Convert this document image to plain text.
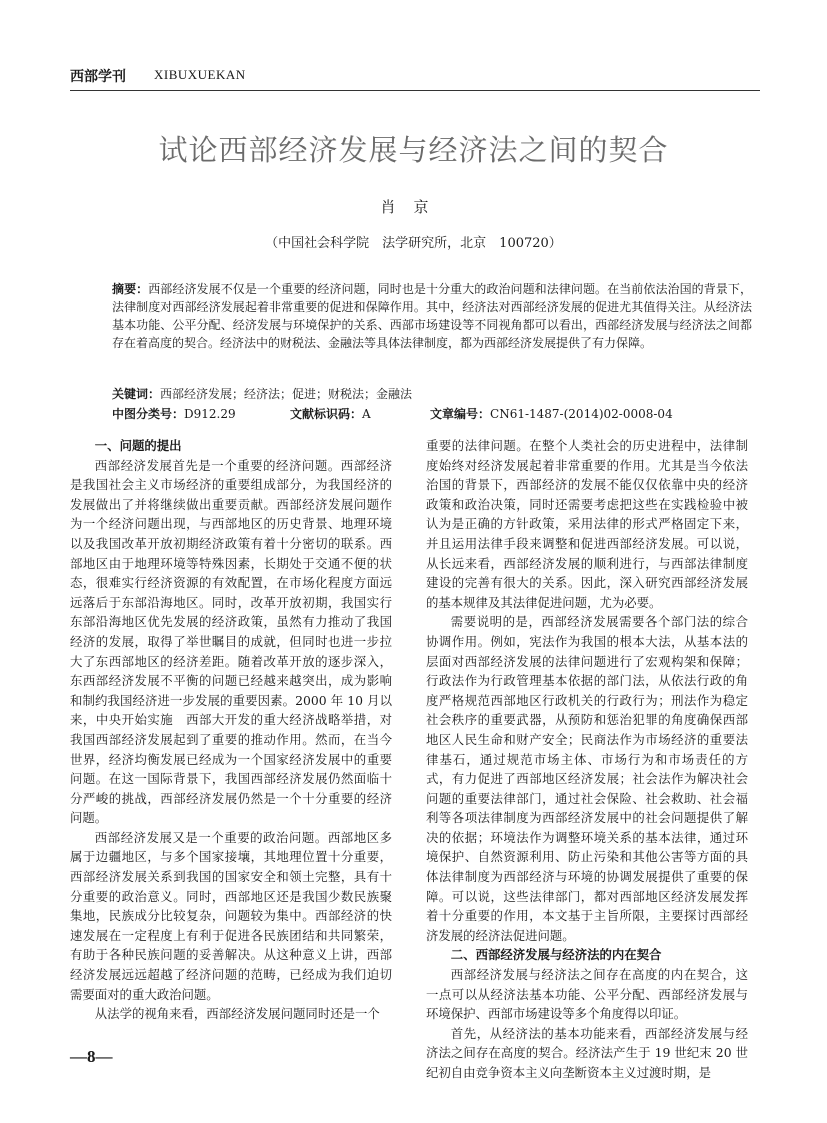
西部学刊 XIBUXUEKAN
试论西部经济发展与经济法之间的契合
肖京
（中国社会科学院　法学研究所，北京　100720）
摘要：西部经济发展不仅是一个重要的经济问题，同时也是十分重大的政治问题和法律问题。在当前依法治国的背景下，法律制度对西部经济发展起着非常重要的促进和保障作用。其中，经济法对西部经济发展的促进尤其值得关注。从经济法基本功能、公平分配、经济发展与环境保护的关系、西部市场建设等不同视角都可以看出，西部经济发展与经济法之间都存在着高度的契合。经济法中的财税法、金融法等具体法律制度，都为西部经济发展提供了有力保障。
关键词：西部经济发展；经济法；促进；财税法；金融法
中图分类号：D912.29	文献标识码：A	文章编号：CN61-1487-(2014)02-0008-04
一、问题的提出

西部经济发展首先是一个重要的经济问题。西部经济是我国社会主义市场经济的重要组成部分，为我国经济的发展做出了并将继续做出重要贡献。西部经济发展问题作为一个经济问题出现，与西部地区的历史背景、地理环境以及我国改革开放初期经济政策有着十分密切的联系。西部地区由于地理环境等特殊因素，长期处于交通不便的状态，很难实行经济资源的有效配置，在市场化程度方面远远落后于东部沿海地区。同时，改革开放初期，我国实行东部沿海地区优先发展的经济政策，虽然有力推动了我国经济的发展，取得了举世瞩目的成就，但同时也进一步拉大了东西部地区的经济差距。随着改革开放的逐步深入，东西部经济发展不平衡的问题已经越来越突出，成为影响和制约我国经济进一步发展的重要因素。2000 年 10 月以来，中央开始实施　西部大开发的重大经济战略举措，对我国西部经济发展起到了重要的推动作用。然而，在当今世界，经济均衡发展已经成为一个国家经济发展中的重要问题。在这一国际背景下，我国西部经济发展仍然面临十分严峻的挑战，西部经济发展仍然是一个十分重要的经济问题。

西部经济发展又是一个重要的政治问题。西部地区多属于边疆地区，与多个国家接壤，其地理位置十分重要，西部经济发展关系到我国的国家安全和领土完整，具有十分重要的政治意义。同时，西部地区还是我国少数民族聚集地，民族成分比较复杂，问题较为集中。西部经济的快速发展在一定程度上有利于促进各民族团结和共同繁荣，有助于各种民族问题的妥善解决。从这种意义上讲，西部经济发展远远超越了经济问题的范畴，已经成为我们迫切需要面对的重大政治问题。

从法学的视角来看，西部经济发展问题同时还是一个

重要的法律问题。在整个人类社会的历史进程中，法律制度始终对经济发展起着非常重要的作用。尤其是当今依法治国的背景下，西部经济的发展不能仅仅依靠中央的经济政策和政治决策，同时还需要考虑把这些在实践检验中被认为是正确的方针政策，采用法律的形式严格固定下来，并且运用法律手段来调整和促进西部经济发展。可以说，从长远来看，西部经济发展的顺利进行，与西部法律制度建设的完善有很大的关系。因此，深入研究西部经济发展的基本规律及其法律促进问题，尤为必要。

需要说明的是，西部经济发展需要各个部门法的综合协调作用。例如，宪法作为我国的根本大法，从基本法的层面对西部经济发展的法律问题进行了宏观构架和保障；行政法作为行政管理基本依据的部门法，从依法行政的角度严格规范西部地区行政机关的行政行为；刑法作为稳定社会秩序的重要武器，从预防和惩治犯罪的角度确保西部地区人民生命和财产安全；民商法作为市场经济的重要法律基石，通过规范市场主体、市场行为和市场责任的方式，有力促进了西部地区经济发展；社会法作为解决社会问题的重要法律部门，通过社会保险、社会救助、社会福利等各项法律制度为西部经济发展中的社会问题提供了解决的依据；环境法作为调整环境关系的基本法律，通过环境保护、自然资源利用、防止污染和其他公害等方面的具体法律制度为西部经济与环境的协调发展提供了重要的保障。可以说，这些法律部门，都对西部地区经济发展发挥着十分重要的作用，本文基于主旨所限，主要探讨西部经济发展的经济法促进问题。

二、西部经济发展与经济法的内在契合

西部经济发展与经济法之间存在高度的内在契合，这一点可以从经济法基本功能、公平分配、西部经济发展与环境保护、西部市场建设等多个角度得以印证。

首先，从经济法的基本功能来看，西部经济发展与经济法之间存在高度的契合。经济法产生于 19 世纪末 20 世纪初自由竞争资本主义向垄断资本主义过渡时期，是

—8—
